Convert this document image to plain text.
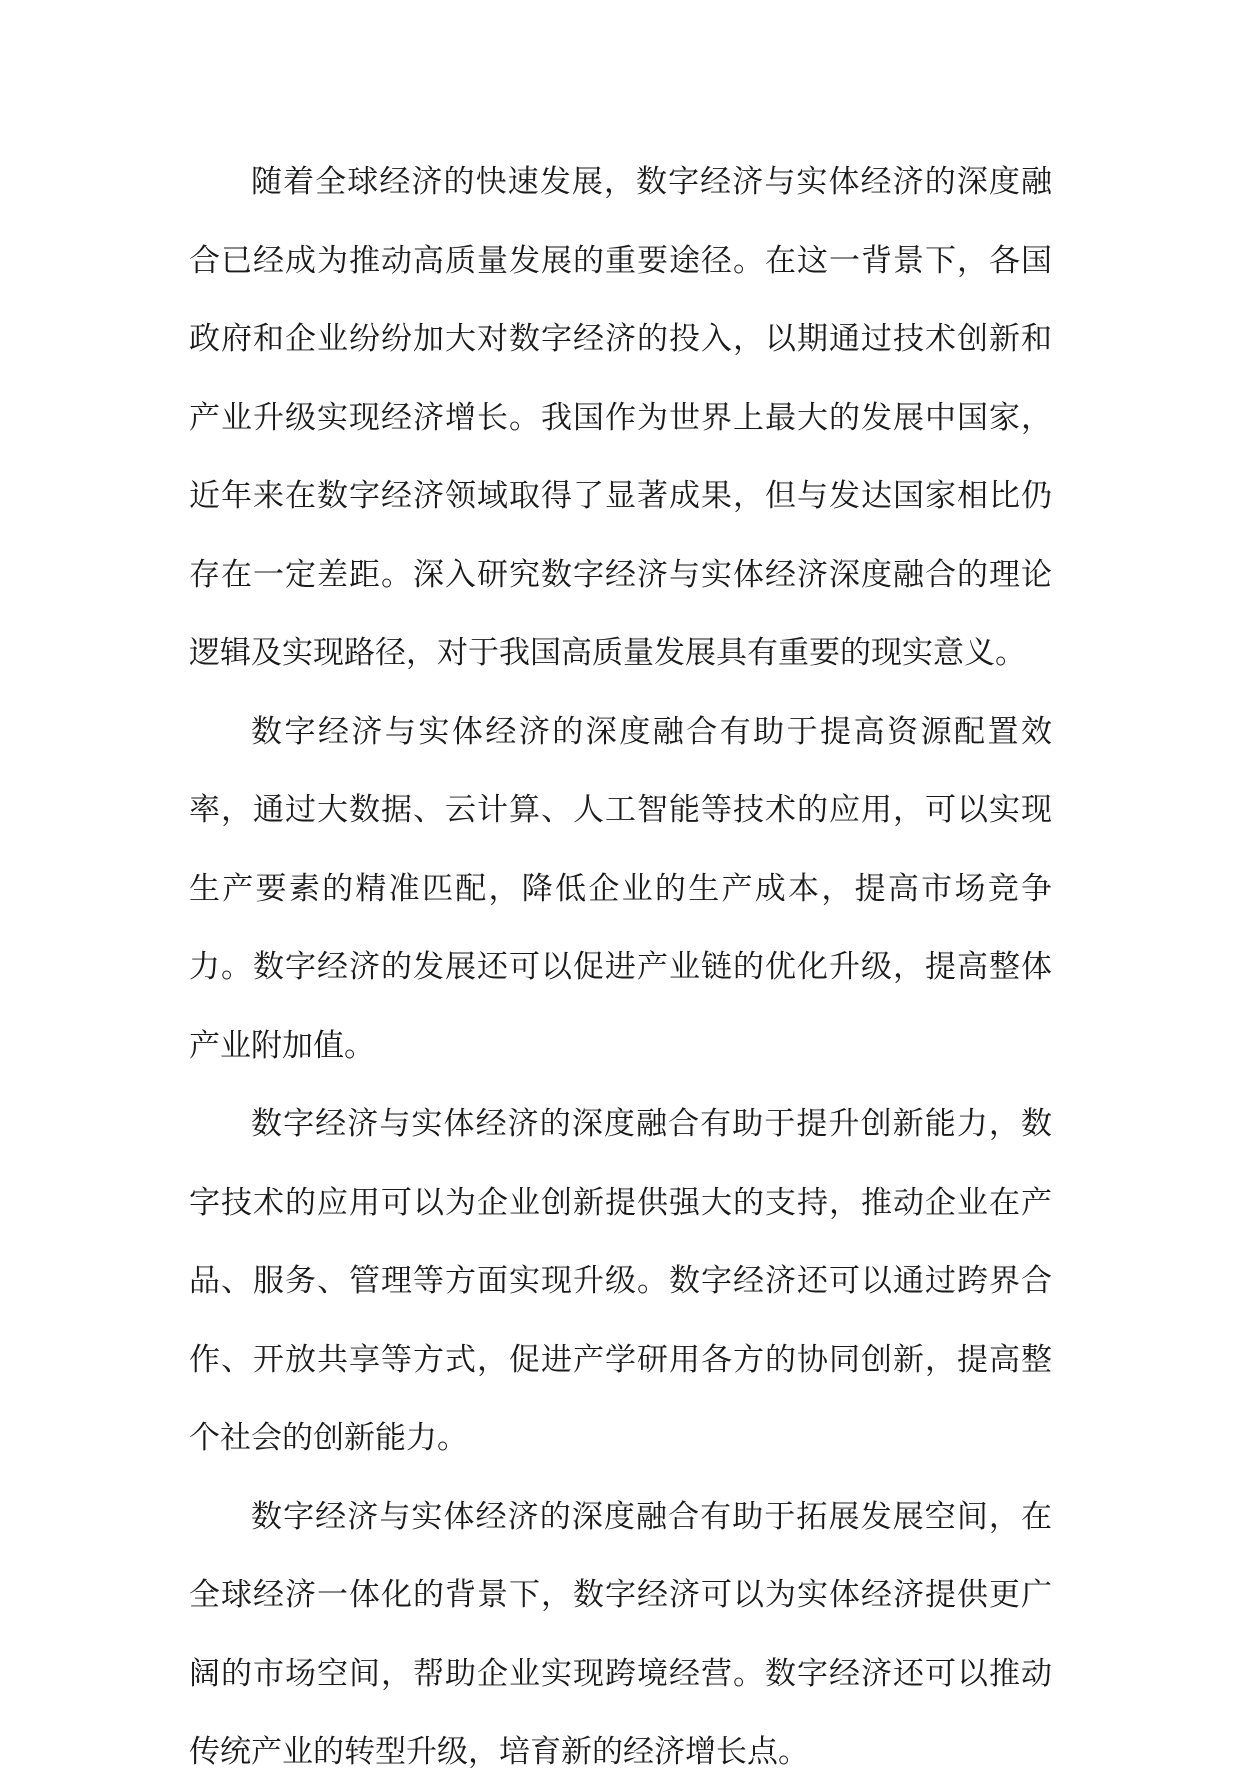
随着全球经济的快速发展，数字经济与实体经济的深度融合已经成为推动高质量发展的重要途径。在这一背景下，各国政府和企业纷纷加大对数字经济的投入，以期通过技术创新和产业升级实现经济增长。我国作为世界上最大的发展中国家，近年来在数字经济领域取得了显著成果，但与发达国家相比仍存在一定差距。深入研究数字经济与实体经济深度融合的理论逻辑及实现路径，对于我国高质量发展具有重要的现实意义。

数字经济与实体经济的深度融合有助于提高资源配置效率，通过大数据、云计算、人工智能等技术的应用，可以实现生产要素的精准匹配，降低企业的生产成本，提高市场竞争力。数字经济的发展还可以促进产业链的优化升级，提高整体产业附加值。

数字经济与实体经济的深度融合有助于提升创新能力，数字技术的应用可以为企业创新提供强大的支持，推动企业在产品、服务、管理等方面实现升级。数字经济还可以通过跨界合作、开放共享等方式，促进产学研用各方的协同创新，提高整个社会的创新能力。

数字经济与实体经济的深度融合有助于拓展发展空间，在全球经济一体化的背景下，数字经济可以为实体经济提供更广阔的市场空间，帮助企业实现跨境经营。数字经济还可以推动传统产业的转型升级，培育新的经济增长点。
